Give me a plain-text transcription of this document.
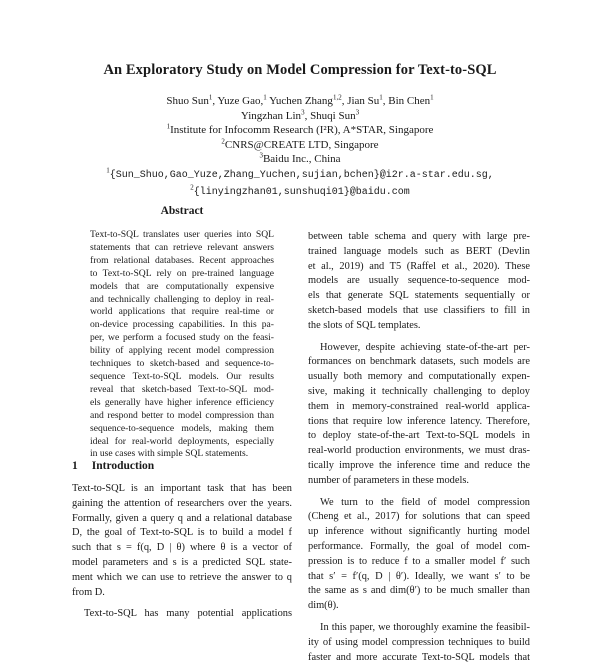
An Exploratory Study on Model Compression for Text-to-SQL
Shuo Sun$^1$, Yuze Gao,$^1$ Yuchen Zhang$^{1,2}$, Jian Su$^1$, Bin Chen$^1$
Yingzhan Lin$^3$, Shuqi Sun$^3$
$^1$Institute for Infocomm Research (I²R), A*STAR, Singapore
$^2$CNRS@CREATE LTD, Singapore
$^3$Baidu Inc., China
$^1${Sun_Shuo,Gao_Yuze,Zhang_Yuchen,sujian,bchen}@i2r.a-star.edu.sg,
$^2${linyingzhan01,sunshuqi01}@baidu.com
Abstract
Text-to-SQL translates user queries into SQL
statements that can retrieve relevant answers
from relational databases. Recent approaches
to Text-to-SQL rely on pre-trained language
models that are computationally expensive
and technically challenging to deploy in real-
world applications that require real-time or
on-device processing capabilities. In this pa-
per, we perform a focused study on the feasi-
bility of applying recent model compression
techniques to sketch-based and sequence-to-
sequence Text-to-SQL models. Our results
reveal that sketch-based Text-to-SQL mod-
els generally have higher inference efficiency
and respond better to model compression than
sequence-to-sequence models, making them
ideal for real-world deployments, especially
in use cases with simple SQL statements.
1 Introduction
Text-to-SQL is an important task that has been
gaining the attention of researchers over the years.
Formally, given a query q and a relational database
D, the goal of Text-to-SQL is to build a model f
such that s = f(q, D | θ) where θ is a vector of
model parameters and s is a predicted SQL state-
ment which we can use to retrieve the answer to q
from D.
Text-to-SQL has many potential applications
between table schema and query with large pre-
trained language models such as BERT (Devlin
et al., 2019) and T5 (Raffel et al., 2020). These
models are usually sequence-to-sequence mod-
els that generate SQL statements sequentially or
sketch-based models that use classifiers to fill in
the slots of SQL templates.
However, despite achieving state-of-the-art per-
formances on benchmark datasets, such models are
usually both memory and computationally expen-
sive, making it technically challenging to deploy
them in memory-constrained real-world applica-
tions that require low inference latency. Therefore,
to deploy state-of-the-art Text-to-SQL models in
real-world production environments, we must dras-
tically improve the inference time and reduce the
number of parameters in these models.
We turn to the field of model compression
(Cheng et al., 2017) for solutions that can speed
up inference without significantly hurting model
performance. Formally, the goal of model com-
pression is to reduce f to a smaller model f′ such
that s′ = f′(q, D | θ′). Ideally, we want s′ to be
the same as s and dim(θ′) to be much smaller than
dim(θ).
In this paper, we thoroughly examine the feasibil-
ity of using model compression techniques to build
faster and more accurate Text-to-SQL models that
